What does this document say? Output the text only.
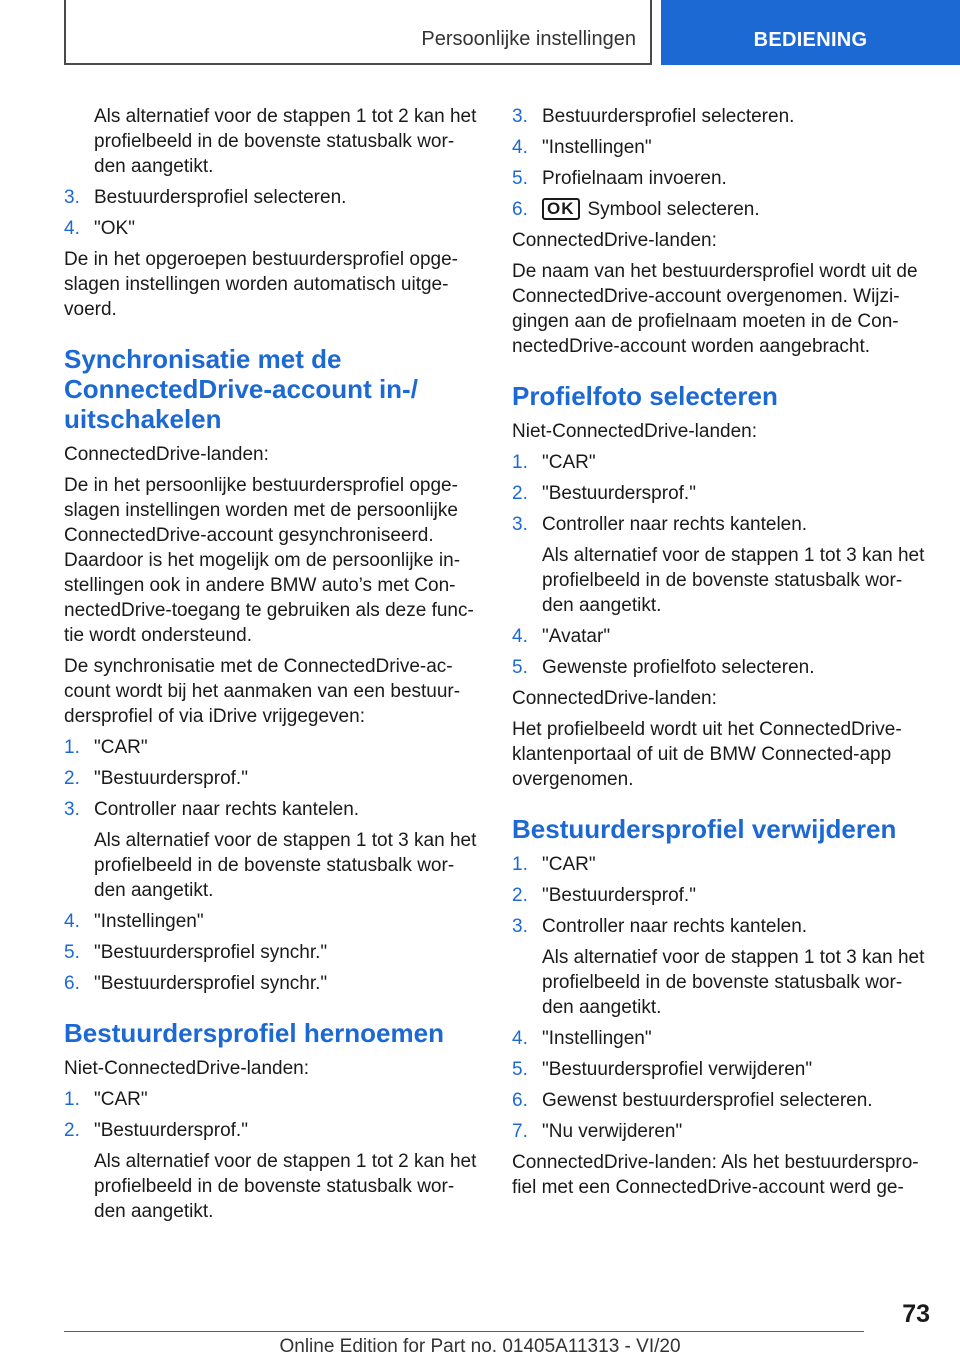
Persoonlijke instellingen	BEDIENING
Als alternatief voor de stappen 1 tot 2 kan het profielbeeld in de bovenste statusbalk wor-den aangetikt.
3. Bestuurdersprofiel selecteren.
4. "OK"

De in het opgeroepen bestuurdersprofiel opge-slagen instellingen worden automatisch uitge-voerd.

Synchronisatie met de ConnectedDrive-account in-/ uitschakelen

ConnectedDrive-landen:

De in het persoonlijke bestuurdersprofiel opge-slagen instellingen worden met de persoonlijke ConnectedDrive-account gesynchroniseerd. Daardoor is het mogelijk om de persoonlijke in-stellingen ook in andere BMW auto’s met Con-nectedDrive-toegang te gebruiken als deze func-tie wordt ondersteund.

De synchronisatie met de ConnectedDrive-ac-count wordt bij het aanmaken van een bestuur-dersprofiel of via iDrive vrijgegeven:

1. "CAR"
2. "Bestuurdersprof."
3. Controller naar rechts kantelen.
Als alternatief voor de stappen 1 tot 3 kan het profielbeeld in de bovenste statusbalk wor-den aangetikt.
4. "Instellingen"
5. "Bestuurdersprofiel synchr."
6. "Bestuurdersprofiel synchr."
Bestuurdersprofiel hernoemen

Niet-ConnectedDrive-landen:

1. "CAR"
2. "Bestuurdersprof."
Als alternatief voor de stappen 1 tot 2 kan het profielbeeld in de bovenste statusbalk wor-den aangetikt.
3. Bestuurdersprofiel selecteren.
4. "Instellingen"
5. Profielnaam invoeren.
6.	OK Symbool selecteren.

ConnectedDrive-landen:

De naam van het bestuurdersprofiel wordt uit de ConnectedDrive-account overgenomen. Wijzi-gingen aan de profielnaam moeten in de Con-nectedDrive-account worden aangebracht.

Profielfoto selecteren

Niet-ConnectedDrive-landen:

1. "CAR"
2. "Bestuurdersprof."
3. Controller naar rechts kantelen.
Als alternatief voor de stappen 1 tot 3 kan het profielbeeld in de bovenste statusbalk wor-den aangetikt.
4. "Avatar"
5. Gewenste profielfoto selecteren.

ConnectedDrive-landen:

Het profielbeeld wordt uit het ConnectedDrive-klantenportaal of uit de BMW Connected-app overgenomen.

Bestuurdersprofiel verwijderen
1. "CAR"
2. "Bestuurdersprof."
3. Controller naar rechts kantelen.
Als alternatief voor de stappen 1 tot 3 kan het profielbeeld in de bovenste statusbalk wor-den aangetikt.
4. "Instellingen"
5. "Bestuurdersprofiel verwijderen"
6. Gewenst bestuurdersprofiel selecteren.
7. "Nu verwijderen"

ConnectedDrive-landen: Als het bestuurderspro-fiel met een ConnectedDrive-account werd ge-

73
Online Edition for Part no. 01405A11313 - VI/20
